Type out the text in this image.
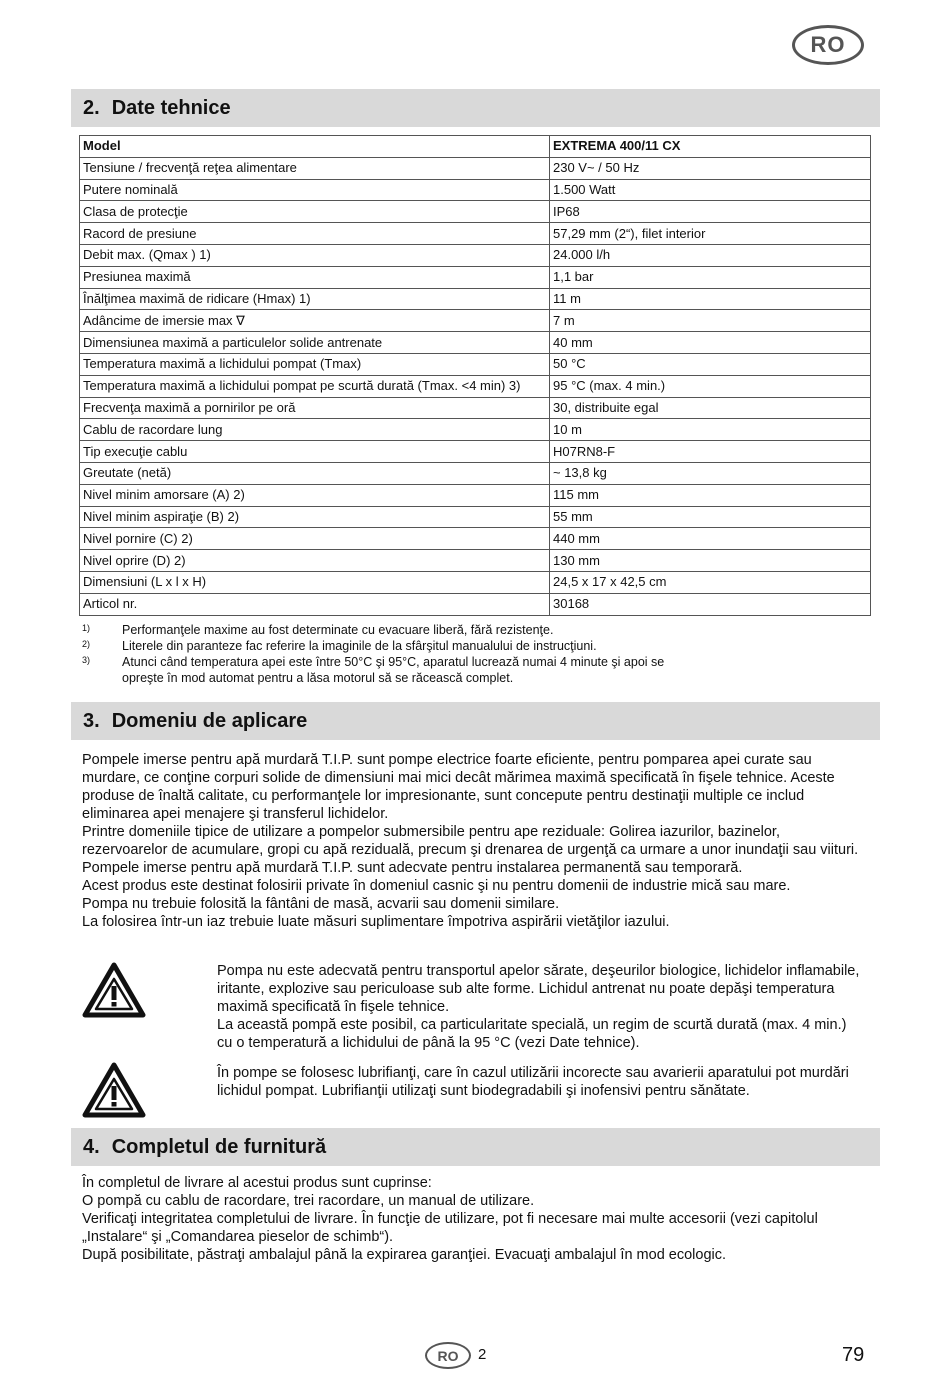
RO
2. Date tehnice
Model	EXTREMA 400/11 CX
Tensiune / frecvenţă reţea alimentare	230 V~ / 50 Hz
Putere nominală	1.500 Watt
Clasa de protecţie	IP68
Racord de presiune	57,29 mm (2“), filet interior
Debit max. (Qmax ) 1)	24.000 l/h
Presiunea maximă	1,1 bar
Înălţimea maximă de ridicare (Hmax) 1)	11 m
Adâncime de imersie max ∇	7 m
Dimensiunea maximă a particulelor solide antrenate	40 mm
Temperatura maximă a lichidului pompat (Tmax)	50 °C
Temperatura maximă a lichidului pompat pe scurtă durată (Tmax. <4 min) 3)	95 °C (max. 4 min.)
Frecvenţa maximă a pornirilor pe oră	30, distribuite egal
Cablu de racordare lung	10 m
Tip execuţie cablu	H07RN8-F
Greutate (netă)	~ 13,8 kg
Nivel minim amorsare (A) 2)	115 mm
Nivel minim aspiraţie (B) 2)	55 mm
Nivel pornire (C) 2)	440 mm
Nivel oprire (D) 2)	130 mm
Dimensiuni (L x l x H)	24,5 x 17 x 42,5 cm
Articol nr.	30168
1)	Performanţele maxime au fost determinate cu evacuare liberă, fără rezistenţe.
2)	Literele din paranteze fac referire la imaginile de la sfârşitul manualului de instrucţiuni.
3)	Atunci când temperatura apei este între 50°C şi 95°C, aparatul lucrează numai 4 minute şi apoi se opreşte în mod automat pentru a lăsa motorul să se răcească complet.
3. Domeniu de aplicare

Pompele imerse pentru apă murdară T.I.P. sunt pompe electrice foarte eficiente, pentru pomparea apei curate sau murdare, ce conţine corpuri solide de dimensiuni mai mici decât mărimea maximă specificată în fişele tehnice. Aceste produse de înaltă calitate, cu performanţele lor impresionante, sunt concepute pentru destinaţii multiple ce includ eliminarea apei menajere şi transferul lichidelor.

Printre domeniile tipice de utilizare a pompelor submersibile pentru ape reziduale: Golirea iazurilor, bazinelor, rezervoarelor de acumulare, gropi cu apă reziduală, precum şi drenarea de urgenţă ca urmare a unor inundaţii sau viituri.

Pompele imerse pentru apă murdară T.I.P. sunt adecvate pentru instalarea permanentă sau temporară.

Acest produs este destinat folosirii private în domeniul casnic şi nu pentru domenii de industrie mică sau mare.

Pompa nu trebuie folosită la fântâni de masă, acvarii sau domenii similare.

La folosirea într-un iaz trebuie luate măsuri suplimentare împotriva aspirării vietăţilor iazului.

Pompa nu este adecvată pentru transportul apelor sărate, deşeurilor biologice, lichidelor inflamabile, iritante, explozive sau periculoase sub alte forme. Lichidul antrenat nu poate depăşi temperatura maximă specificată în fişele tehnice.

La această pompă este posibil, ca particularitate specială, un regim de scurtă durată (max. 4 min.) cu o temperatură a lichidului de până la 95 °C (vezi Date tehnice).

În pompe se folosesc lubrifianţi, care în cazul utilizării incorecte sau avarierii aparatului pot murdări lichidul pompat. Lubrifianţii utilizaţi sunt biodegradabili şi inofensivi pentru sănătate.

4. Completul de furnitură

În completul de livrare al acestui produs sunt cuprinse:

O pompă cu cablu de racordare, trei racordare, un manual de utilizare.

Verificaţi integritatea completului de livrare. În funcţie de utilizare, pot fi necesare mai multe accesorii (vezi capitolul „Instalare“ şi „Comandarea pieselor de schimb“).

După posibilitate, păstraţi ambalajul până la expirarea garanţiei. Evacuaţi ambalajul în mod ecologic.

RO	2	79
